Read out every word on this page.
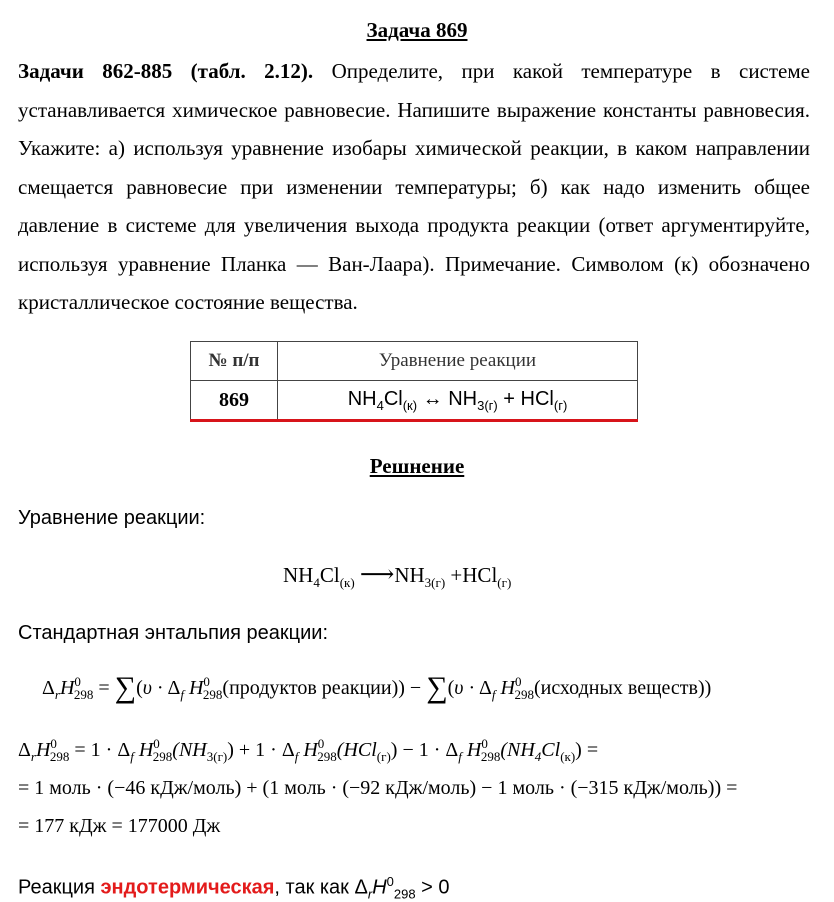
Задача 869
Задачи 862-885 (табл. 2.12). Определите, при какой температуре в системе устанавливается химическое равновесие. Напишите выражение константы равновесия. Укажите: а) используя уравнение изобары химической реакции, в каком направлении смещается равновесие при изменении температуры; б) как надо изменить общее давление в системе для увеличения выхода продукта реакции (ответ аргументируйте, используя уравнение Планка — Ван-Лаара). Примечание. Символом (к) обозначено кристаллическое состояние вещества.
№ п/п	Уравнение реакции
869	$NH_4Cl_{(к)}$ ↔ $NH_{3(г)} + HCl_{(г)}$
Решнение
Уравнение реакции:
$NH_4Cl_{(к)}$ $⟶NH_{3(г)} +HCl_{(г)}$
Стандартная энтальпия реакции:
$\Delta_rH^0_{298} = \sum(\upsilon \cdot \Delta_f$ $H^0_{298}(продуктов$ реакции)) − $\sum(\upsilon \cdot \Delta_f$ $H^0_{298}(исходных$ веществ))
$\Delta_rH^0_{298} = 1 \cdot \Delta_f$ $H^0_{298}(NH_{3(г)}) + 1 \cdot \Delta_f$ $H^0_{298}(HCl_{(г)}) - 1 \cdot \Delta_f$ $H^0_{298}(NH_4Cl_{(к)})$ =
= 1 моль · (−46 кДж/моль) + (1 моль · (−92 кДж/моль) − 1 моль · (−315 кДж/моль)) =
= 177 кДж = 177000 Дж
Реакция эндотермическая, так как $\Delta_rH^0_{298} > 0$
